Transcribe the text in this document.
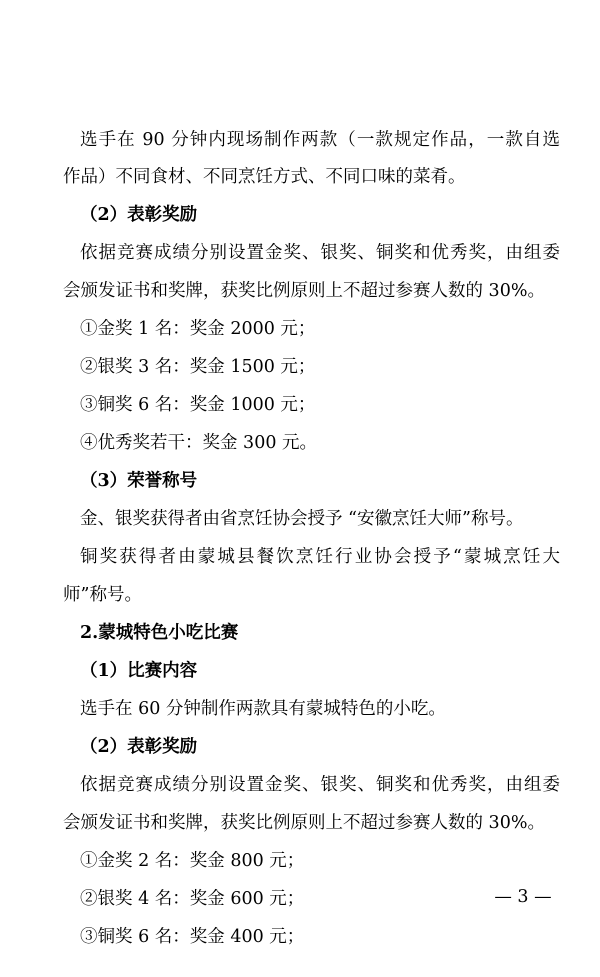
选手在 90 分钟内现场制作两款（一款规定作品，一款自选
作品）不同食材、不同烹饪方式、不同口味的菜肴。
（2）表彰奖励
依据竞赛成绩分别设置金奖、银奖、铜奖和优秀奖，由组委
会颁发证书和奖牌，获奖比例原则上不超过参赛人数的 30%。
①金奖 1 名：奖金 2000 元；
②银奖 3 名：奖金 1500 元；
③铜奖 6 名：奖金 1000 元；
④优秀奖若干：奖金 300 元。
（3）荣誉称号
金、银奖获得者由省烹饪协会授予 “安徽烹饪大师”称号。
铜奖获得者由蒙城县餐饮烹饪行业协会授予“蒙城烹饪大
师”称号。
2.蒙城特色小吃比赛
（1）比赛内容
选手在 60 分钟制作两款具有蒙城特色的小吃。
（2）表彰奖励
依据竞赛成绩分别设置金奖、银奖、铜奖和优秀奖，由组委
会颁发证书和奖牌，获奖比例原则上不超过参赛人数的 30%。
①金奖 2 名：奖金 800 元；
②银奖 4 名：奖金 600 元；
③铜奖 6 名：奖金 400 元；
— 3 —
